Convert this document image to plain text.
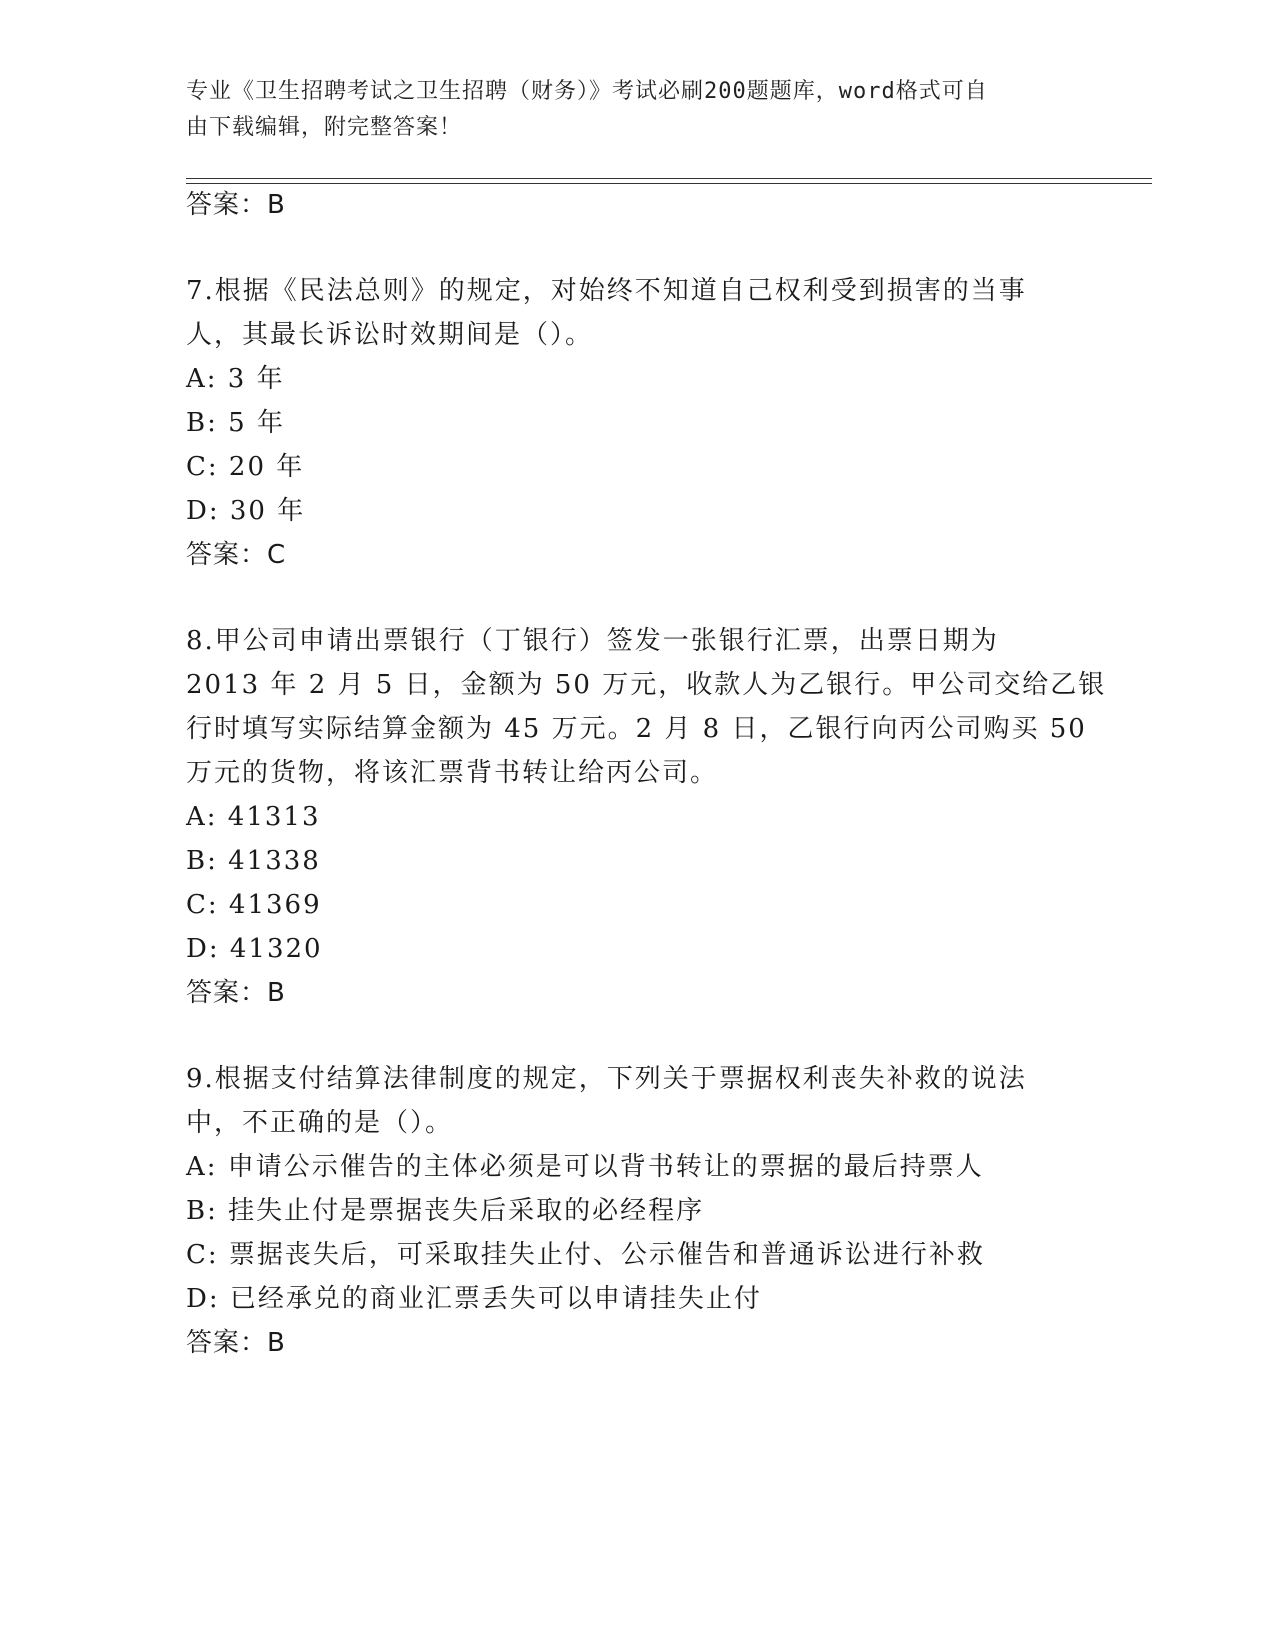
专业《卫生招聘考试之卫生招聘（财务）》考试必刷200题题库，word格式可自
由下载编辑，附完整答案！
答案：B
7.根据《民法总则》的规定，对始终不知道自己权利受到损害的当事
人，其最长诉讼时效期间是（）。
A: 3 年
B: 5 年
C: 20 年
D: 30 年
答案：C
8.甲公司申请出票银行（丁银行）签发一张银行汇票，出票日期为
2013 年 2 月 5 日，金额为 50 万元，收款人为乙银行。甲公司交给乙银
行时填写实际结算金额为 45 万元。2 月 8 日，乙银行向丙公司购买 50
万元的货物，将该汇票背书转让给丙公司。
A: 41313
B: 41338
C: 41369
D: 41320
答案：B
9.根据支付结算法律制度的规定，下列关于票据权利丧失补救的说法
中，不正确的是（）。
A: 申请公示催告的主体必须是可以背书转让的票据的最后持票人
B: 挂失止付是票据丧失后采取的必经程序
C: 票据丧失后，可采取挂失止付、公示催告和普通诉讼进行补救
D: 已经承兑的商业汇票丢失可以申请挂失止付
答案：B
